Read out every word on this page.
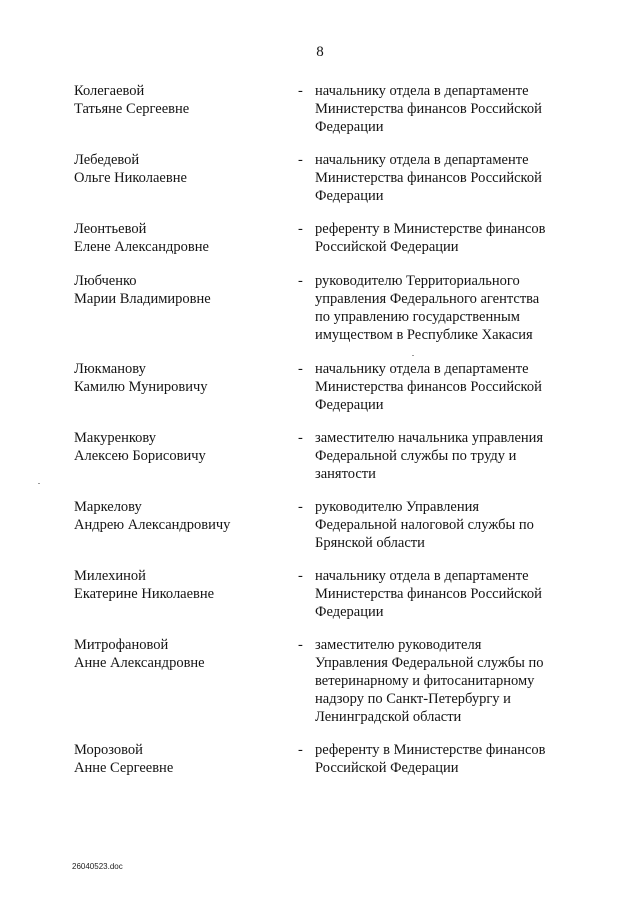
8
Колегаевой
Татьяне Сергеевне
- начальнику отдела в департаменте
Министерства финансов Российской
Федерации
Лебедевой
Ольге Николаевне
- начальнику отдела в департаменте
Министерства финансов Российской
Федерации
Леонтьевой
Елене Александровне
- референту в Министерстве финансов
Российской Федерации
Любченко
Марии Владимировне
- руководителю Территориального
управления Федерального агентства
по управлению государственным
имуществом в Республике Хакасия
Люкманову
Камилю Мунировичу
- начальнику отдела в департаменте
Министерства финансов Российской
Федерации
Макуренкову
Алексею Борисовичу
- заместителю начальника управления
Федеральной службы по труду и
занятости
Маркелову
Андрею Александровичу
- руководителю Управления
Федеральной налоговой службы по
Брянской области
Милехиной
Екатерине Николаевне
- начальнику отдела в департаменте
Министерства финансов Российской
Федерации
Митрофановой
Анне Александровне
- заместителю руководителя
Управления Федеральной службы по
ветеринарному и фитосанитарному
надзору по Санкт-Петербургу и
Ленинградской области
Морозовой
Анне Сергеевне
- референту в Министерстве финансов
Российской Федерации
26040523.doc
